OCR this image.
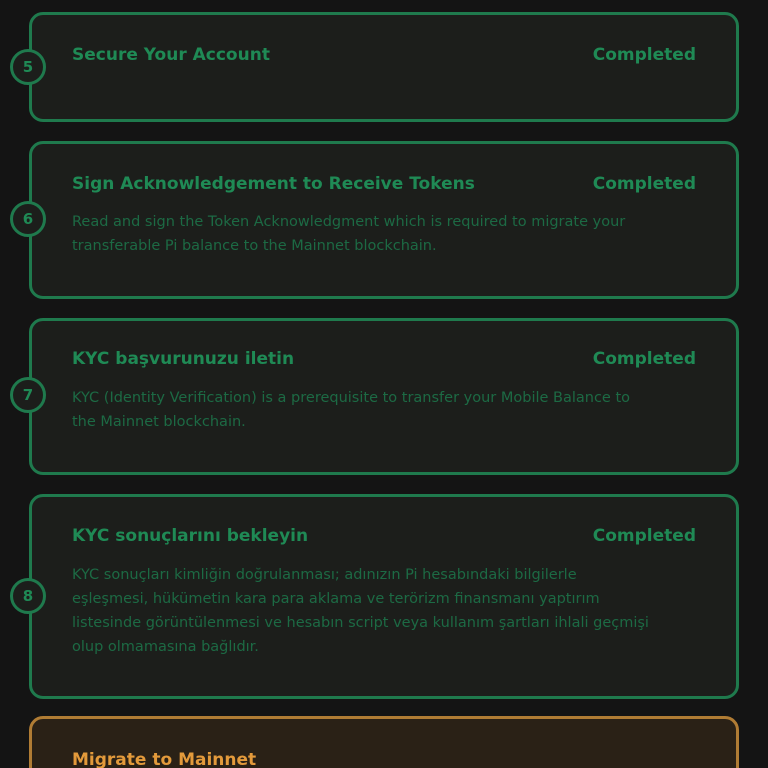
Secure Your Account	Completed
5
Sign Acknowledgement to Receive Tokens	Completed
Read and sign the Token Acknowledgment which is required to migrate your transferable Pi balance to the Mainnet blockchain.
6
KYC başvurunuzu iletin	Completed
KYC (Identity Verification) is a prerequisite to transfer your Mobile Balance to the Mainnet blockchain.
7
KYC sonuçlarını bekleyin	Completed
KYC sonuçları kimliğin doğrulanması; adınızın Pi hesabındaki bilgilerle eşleşmesi, hükümetin kara para aklama ve terörizm finansmanı yaptırım listesinde görüntülenmesi ve hesabın script veya kullanım şartları ihlali geçmişi olup olmamasına bağlıdır.
8
Migrate to Mainnet
